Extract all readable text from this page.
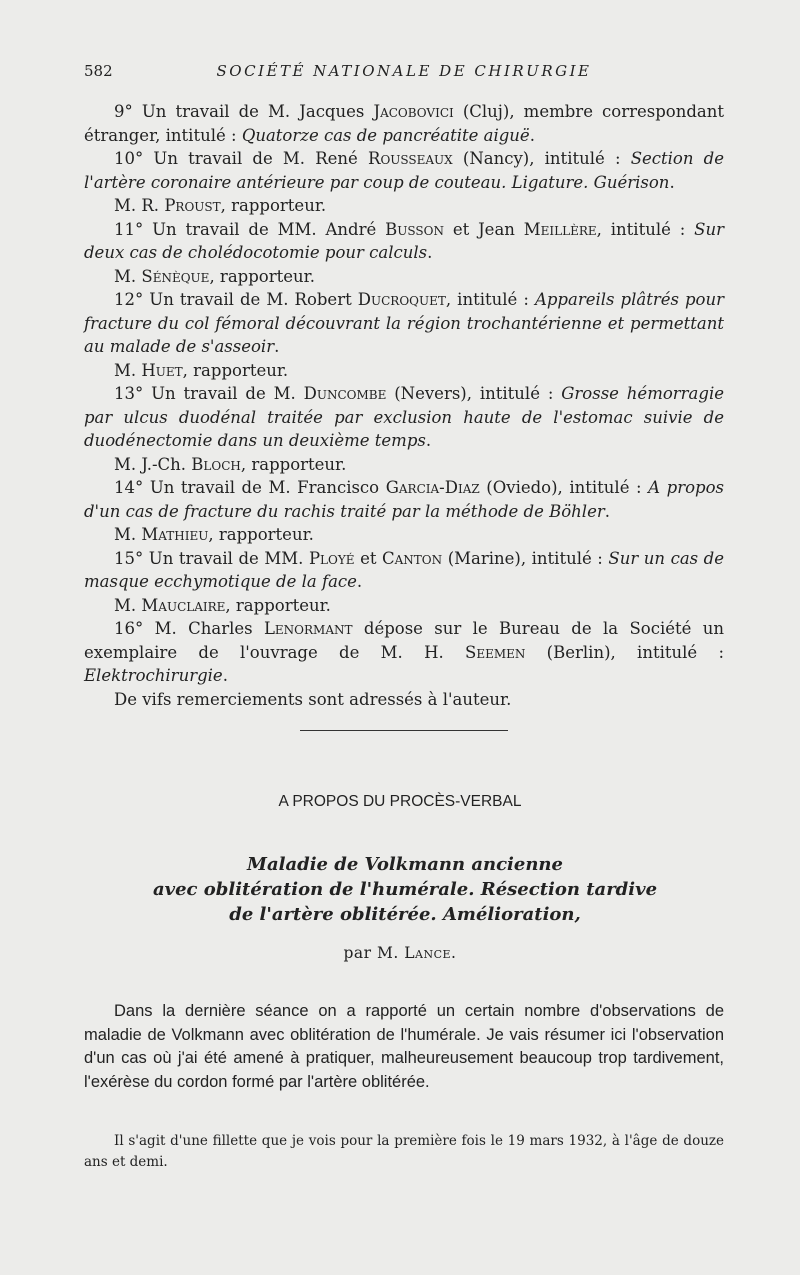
582	SOCIÉTÉ NATIONALE DE CHIRURGIE

9° Un travail de M. Jacques Jacobovici (Cluj), membre correspondant étranger, intitulé : Quatorze cas de pancréatite aiguë.

10° Un travail de M. René Rousseaux (Nancy), intitulé : Section de l'artère coronaire antérieure par coup de couteau. Ligature. Guérison.

M. R. Proust, rapporteur.

11° Un travail de MM. André Busson et Jean Meillère, intitulé : Sur deux cas de cholédocotomie pour calculs.

M. Sénèque, rapporteur.

12° Un travail de M. Robert Ducroquet, intitulé : Appareils plâtrés pour fracture du col fémoral découvrant la région trochantérienne et permettant au malade de s'asseoir.

M. Huet, rapporteur.

13° Un travail de M. Duncombe (Nevers), intitulé : Grosse hémorragie par ulcus duodénal traitée par exclusion haute de l'estomac suivie de duodénectomie dans un deuxième temps.

M. J.-Ch. Bloch, rapporteur.

14° Un travail de M. Francisco Garcia-Diaz (Oviedo), intitulé : A propos d'un cas de fracture du rachis traité par la méthode de Böhler.

M. Mathieu, rapporteur.

15° Un travail de MM. Ployé et Canton (Marine), intitulé : Sur un cas de masque ecchymotique de la face.

M. Mauclaire, rapporteur.

16° M. Charles Lenormant dépose sur le Bureau de la Société un exemplaire de l'ouvrage de M. H. Seemen (Berlin), intitulé : Elektrochirurgie.

De vifs remerciements sont adressés à l'auteur.

A PROPOS DU PROCÈS-VERBAL
Maladie de Volkmann ancienne
avec oblitération de l'humérale. Résection tardive
de l'artère oblitérée. Amélioration,
par M. Lance.

Dans la dernière séance on a rapporté un certain nombre d'observations de maladie de Volkmann avec oblitération de l'humérale. Je vais résumer ici l'observation d'un cas où j'ai été amené à pratiquer, malheureusement beaucoup trop tardivement, l'exérèse du cordon formé par l'artère oblitérée.

Il s'agit d'une fillette que je vois pour la première fois le 19 mars 1932, à l'âge de douze ans et demi.
